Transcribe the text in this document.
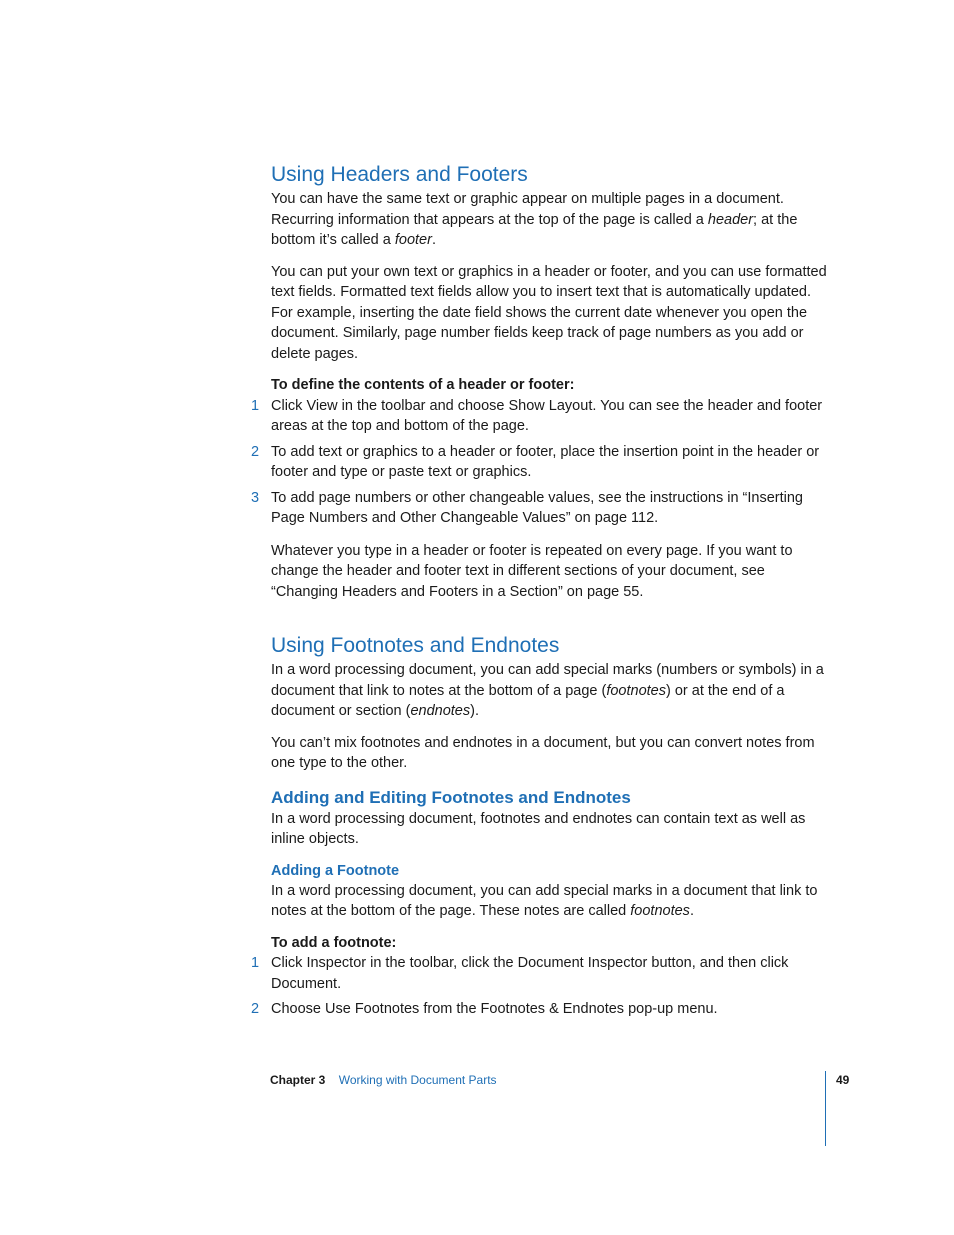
Using Headers and Footers

You can have the same text or graphic appear on multiple pages in a document. Recurring information that appears at the top of the page is called a header; at the bottom it’s called a footer.

You can put your own text or graphics in a header or footer, and you can use formatted text fields. Formatted text fields allow you to insert text that is automatically updated. For example, inserting the date field shows the current date whenever you open the document. Similarly, page number fields keep track of page numbers as you add or delete pages.

To define the contents of a header or footer:
1 Click View in the toolbar and choose Show Layout. You can see the header and footer areas at the top and bottom of the page.
2 To add text or graphics to a header or footer, place the insertion point in the header or footer and type or paste text or graphics.
3 To add page numbers or other changeable values, see the instructions in “Inserting Page Numbers and Other Changeable Values” on page 112.

Whatever you type in a header or footer is repeated on every page. If you want to change the header and footer text in different sections of your document, see “Changing Headers and Footers in a Section” on page 55.

Using Footnotes and Endnotes

In a word processing document, you can add special marks (numbers or symbols) in a document that link to notes at the bottom of a page (footnotes) or at the end of a document or section (endnotes).

You can’t mix footnotes and endnotes in a document, but you can convert notes from one type to the other.

Adding and Editing Footnotes and Endnotes

In a word processing document, footnotes and endnotes can contain text as well as inline objects.

Adding a Footnote

In a word processing document, you can add special marks in a document that link to notes at the bottom of the page. These notes are called footnotes.

To add a footnote:
1 Click Inspector in the toolbar, click the Document Inspector button, and then click Document.
2 Choose Use Footnotes from the Footnotes & Endnotes pop-up menu.
Chapter 3 Working with Document Parts	49
